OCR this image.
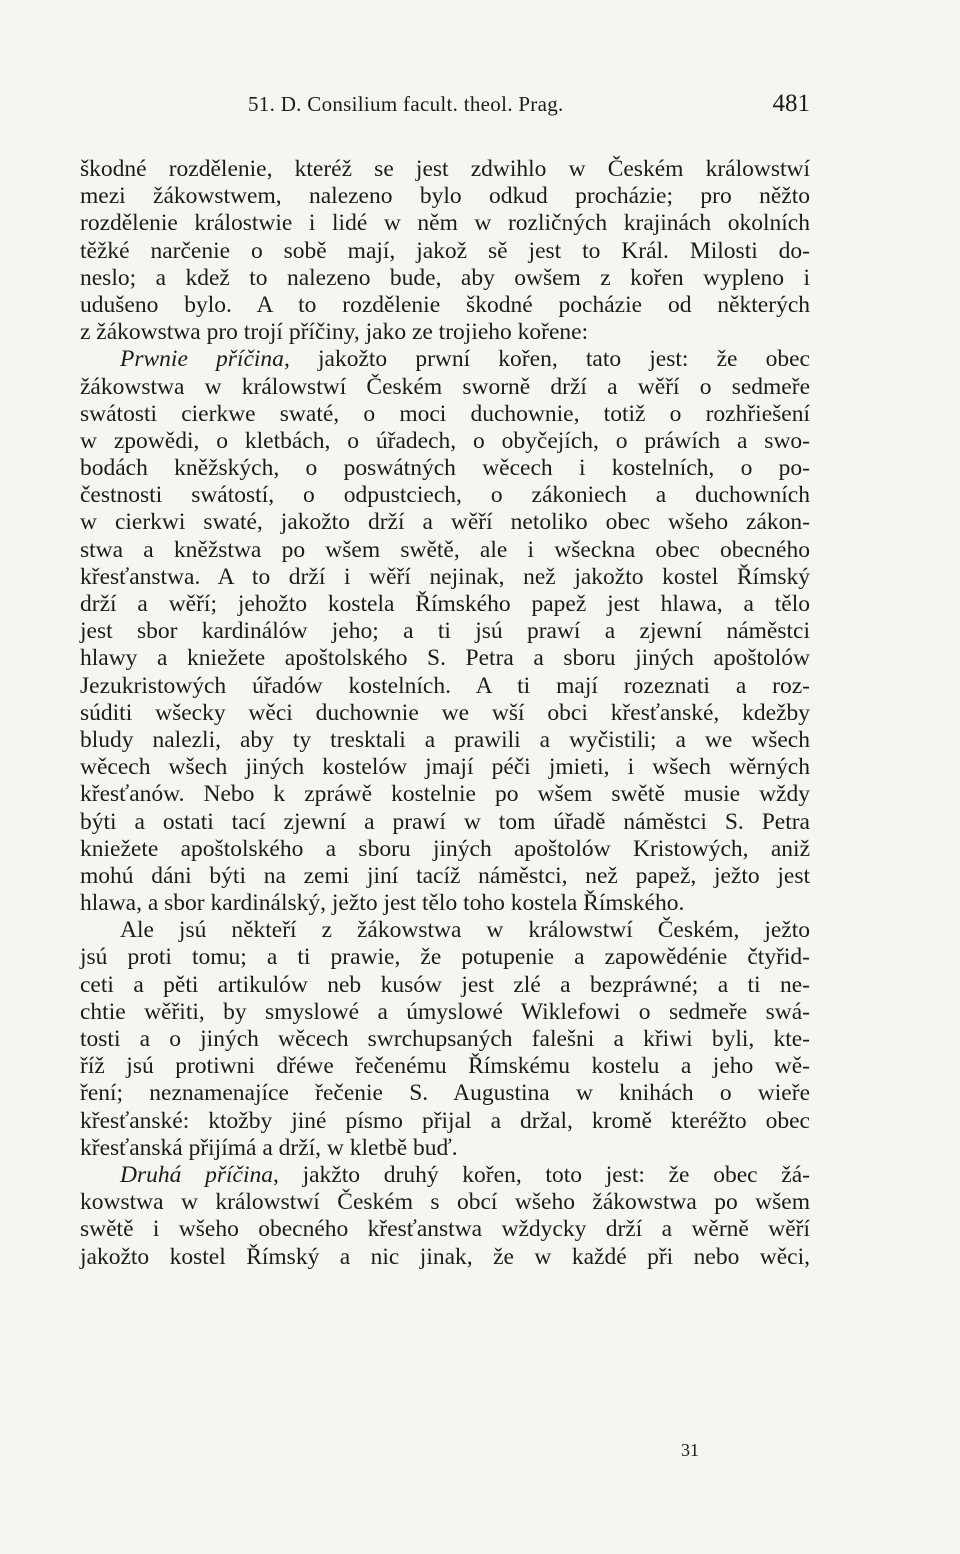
51. D. Consilium facult. theol. Prag.	481
škodné rozdělenie, kteréž se jest zdwihlo w Českém králowstwí
mezi žákowstwem, nalezeno bylo odkud procházie; pro něžto
rozdělenie králostwie i lidé w něm w rozličných krajinách okolních
těžké narčenie o sobě mají, jakož sě jest to Král. Milosti do-
neslo; a kdež to nalezeno bude, aby owšem z kořen wypleno i
udušeno bylo. A to rozdělenie škodné pocházie od některých
z žákowstwa pro trojí příčiny, jako ze trojieho kořene:
Prwnie příčina, jakožto prwní kořen, tato jest: že obec
žákowstwa w králowstwí Českém sworně drží a wěří o sedmeře
swátosti cierkwe swaté, o moci duchownie, totiž o rozhřiešení
w zpowědi, o kletbách, o úřadech, o obyčejích, o práwích a swo-
bodách kněžských, o poswátných wěcech i kostelních, o po-
čestnosti swátostí, o odpustciech, o zákoniech a duchowních
w cierkwi swaté, jakožto drží a wěří netoliko obec wšeho zákon-
stwa a kněžstwa po wšem swětě, ale i wšeckna obec obecného
křesťanstwa. A to drží i wěří nejinak, než jakožto kostel Římský
drží a wěří; jehožto kostela Římského papež jest hlawa, a tělo
jest sbor kardinálów jeho; a ti jsú prawí a zjewní náměstci
hlawy a kniežete apoštolského S. Petra a sboru jiných apoštolów
Jezukristowých úřadów kostelních. A ti mají rozeznati a roz-
súditi wšecky wěci duchownie we wší obci křesťanské, kdežby
bludy nalezli, aby ty tresktali a prawili a wyčistili; a we wšech
wěcech wšech jiných kostelów jmají péči jmieti, i wšech wěrných
křesťanów. Nebo k zpráwě kostelnie po wšem swětě musie wždy
býti a ostati tací zjewní a prawí w tom úřadě náměstci S. Petra
kniežete apoštolského a sboru jiných apoštolów Kristowých, aniž
mohú dáni býti na zemi jiní tacíž náměstci, než papež, ježto jest
hlawa, a sbor kardinálský, ježto jest tělo toho kostela Římského.
Ale jsú někteří z žákowstwa w králowstwí Českém, ježto
jsú proti tomu; a ti prawie, že potupenie a zapowědénie čtyřid-
ceti a pěti artikulów neb kusów jest zlé a bezpráwné; a ti ne-
chtie wěřiti, by smyslowé a úmyslowé Wiklefowi o sedmeře swá-
tosti a o jiných wěcech swrchupsaných falešni a křiwi byli, kte-
říž jsú protiwni dřéwe řečenému Římskému kostelu a jeho wě-
ření; neznamenajíce řečenie S. Augustina w knihách o wieře
křesťanské: ktožby jiné písmo přijal a držal, kromě kteréžto obec
křesťanská přijímá a drží, w kletbě buď.
Druhá příčina, jakžto druhý kořen, toto jest: že obec žá-
kowstwa w králowstwí Českém s obcí wšeho žákowstwa po wšem
swětě i wšeho obecného křesťanstwa wždycky drží a wěrně wěří
jakožto kostel Římský a nic jinak, že w každé při nebo wěci,
31
